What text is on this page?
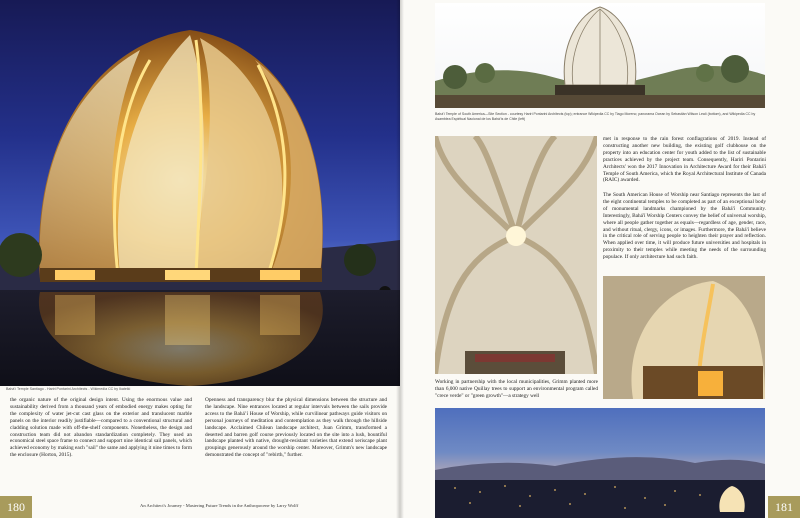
Bahá'í Temple Santiago - Hariri Pontarini Architects - Wikimedia CC by Ikateiki

the organic nature of the original design intent. Using the enormous value and sustainability derived from a thousand years of embodied energy makes opting for the complexity of water jet-cut cast glass on the exterior and translucent marble panels on the interior readily justifiable—compared to a conventional structural and cladding solution made with off-the-shelf components. Nonetheless, the design and construction team did not abandon standardization completely. They used an economical steel space frame to connect and support nine identical sail panels, which achieved economy by making each "sail" the same and applying it nine times to form the enclosure (Horton, 2015).

Openness and transparency blur the physical dimensions between the structure and the landscape. Nine entrances located at regular intervals between the sails provide access to the Bahá’í House of Worship, while curvilinear pathways guide visitors on personal journeys of meditation and contemplation as they walk through the hillside landscape. Acclaimed Chilean landscape architect, Juan Grimm, transformed a deserted and barren golf course previously located on the site into a lush, bountiful landscape planted with native, drought-resistant varieties that extend xeriscape plant groupings generously around the worship center. Moreover, Grimm's new landscape demonstrated the concept of "rebirth," further.

180	An Architect's Journey - Mastering Future Trends in the Anthropocene by Larry Wolff
Bahá'í Temple of South America—Site Section - courtesy Hariri Pontarini Architects (top); entrance Wikipedia CC by Tiago Moreno; panorama Ocean by Sebastián Wilson Lealí (bottom), and Wikipedia CC by Asamblea Espiritual Nacional de los Bahá'ís de Chile (left)

met in response to the rain forest conflagrations of 2019. Instead of constructing another new building, the existing golf clubhouse on the property into an education center for youth added to the list of sustainable practices achieved by the project team. Consequently, Hariri Pontarini Architects' won the 2017 Innovation in Architecture Award for their Bahá'í Temple of South America, which the Royal Architectural Institute of Canada (RAIC) awarded.

The South American House of Worship near Santiago represents the last of the eight continental temples to be completed as part of an exceptional body of monumental landmarks championed by the Bahá'í Community. Interestingly, Bahá'í Worship Centers convey the belief of universal worship, where all people gather together as equals—regardless of age, gender, race, and without ritual, clergy, icons, or images. Furthermore, the Bahá'í believe in the critical role of serving people to heighten their prayer and reflection. When applied over time, it will produce future universities and hospitals in proximity to their temples while meeting the needs of the surrounding populace. If only architecture had such faith.

Working in partnership with the local municipalities, Grimm planted more than 6,000 native Quillay trees to support an environmental program called "crece verde" or "green growth"—a strategy well

181
